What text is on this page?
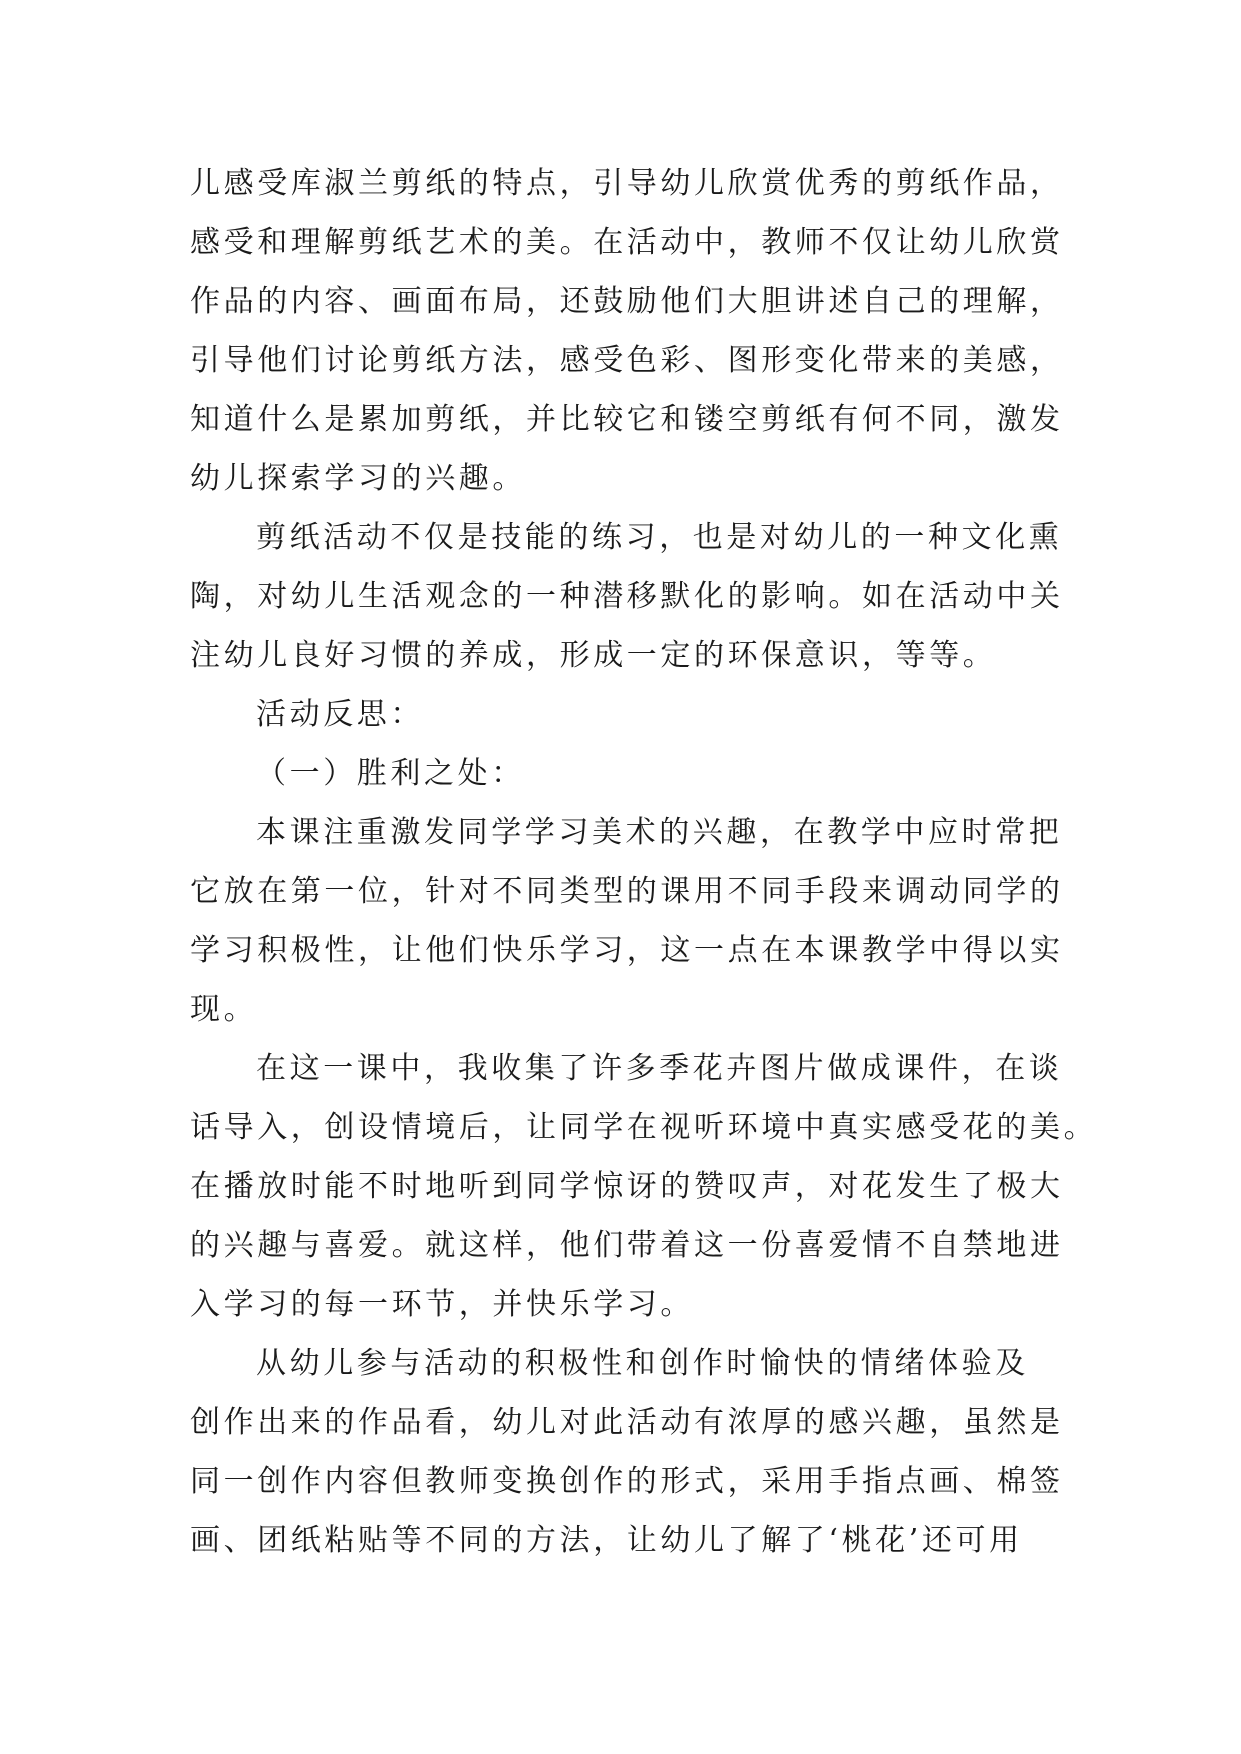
儿感受库淑兰剪纸的特点，引导幼儿欣赏优秀的剪纸作品，
感受和理解剪纸艺术的美。在活动中，教师不仅让幼儿欣赏
作品的内容、画面布局，还鼓励他们大胆讲述自己的理解，
引导他们讨论剪纸方法，感受色彩、图形变化带来的美感，
知道什么是累加剪纸，并比较它和镂空剪纸有何不同，激发
幼儿探索学习的兴趣。
剪纸活动不仅是技能的练习，也是对幼儿的一种文化熏
陶，对幼儿生活观念的一种潜移默化的影响。如在活动中关
注幼儿良好习惯的养成，形成一定的环保意识，等等。
活动反思：
（一）胜利之处：
本课注重激发同学学习美术的兴趣，在教学中应时常把
它放在第一位，针对不同类型的课用不同手段来调动同学的
学习积极性，让他们快乐学习，这一点在本课教学中得以实
现。
在这一课中，我收集了许多季花卉图片做成课件，在谈
话导入，创设情境后，让同学在视听环境中真实感受花的美。
在播放时能不时地听到同学惊讶的赞叹声，对花发生了极大
的兴趣与喜爱。就这样，他们带着这一份喜爱情不自禁地进
入学习的每一环节，并快乐学习。
从幼儿参与活动的积极性和创作时愉快的情绪体验及
创作出来的作品看，幼儿对此活动有浓厚的感兴趣，虽然是
同一创作内容但教师变换创作的形式，采用手指点画、棉签
画、团纸粘贴等不同的方法，让幼儿了解了‘桃花’还可用
